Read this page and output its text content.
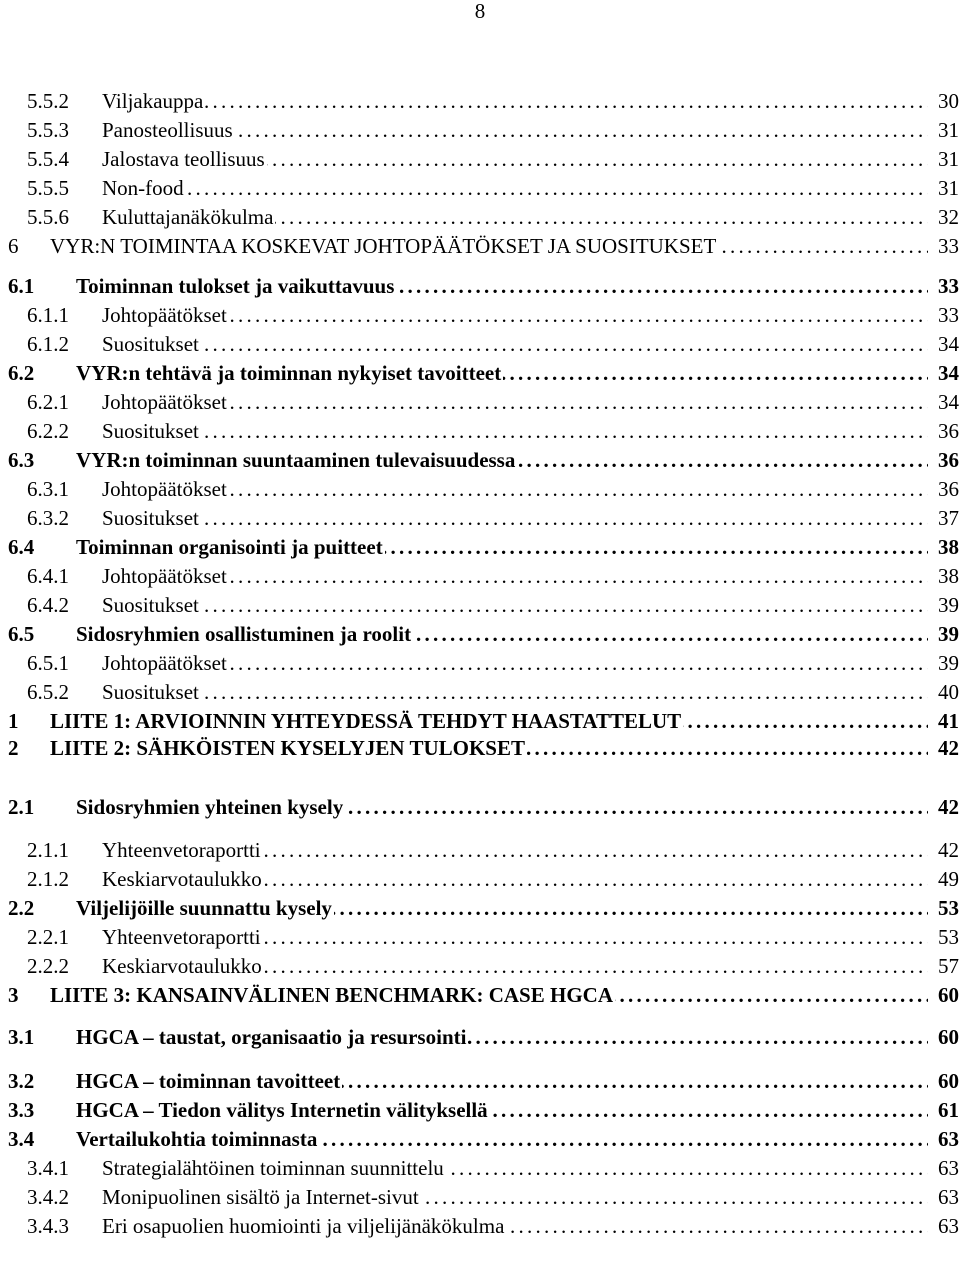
8
5.5.2 Viljakauppa . . .	30
5.5.3 Panosteollisuus . . .	31
5.5.4 Jalostava teollisuus . . .	31
5.5.5 Non-food . . .	31
5.5.6 Kuluttajanäkökulma . . .	32
6 VYR:N TOIMINTAA KOSKEVAT JOHTOPÄÄTÖKSET JA SUOSITUKSET . . .	33
6.1 Toiminnan tulokset ja vaikuttavuus . . .	33
6.1.1 Johtopäätökset . . .	33
6.1.2 Suositukset . . .	34
6.2 VYR:n tehtävä ja toiminnan nykyiset tavoitteet . . .	34
6.2.1 Johtopäätökset . . .	34
6.2.2 Suositukset . . .	36
6.3 VYR:n toiminnan suuntaaminen tulevaisuudessa . . .	36
6.3.1 Johtopäätökset . . .	36
6.3.2 Suositukset . . .	37
6.4 Toiminnan organisointi ja puitteet . . .	38
6.4.1 Johtopäätökset . . .	38
6.4.2 Suositukset . . .	39
6.5 Sidosryhmien osallistuminen ja roolit . . .	39
6.5.1 Johtopäätökset . . .	39
6.5.2 Suositukset . . .	40
1 LIITE 1: ARVIOINNIN YHTEYDESSÄ TEHDYT HAASTATTELUT . . .	41
2 LIITE 2: SÄHKÖISTEN KYSELYJEN TULOKSET . . .	42
2.1 Sidosryhmien yhteinen kysely . . .	42
2.1.1 Yhteenvetoraportti . . .	42
2.1.2 Keskiarvotaulukko . . .	49
2.2 Viljelijöille suunnattu kysely . . .	53
2.2.1 Yhteenvetoraportti . . .	53
2.2.2 Keskiarvotaulukko . . .	57
3 LIITE 3: KANSAINVÄLINEN BENCHMARK: CASE HGCA . . .	60
3.1 HGCA – taustat, organisaatio ja resursointi . . .	60
3.2 HGCA – toiminnan tavoitteet . . .	60
3.3 HGCA – Tiedon välitys Internetin välityksellä . . .	61
3.4 Vertailukohtia toiminnasta . . .	63
3.4.1 Strategialähtöinen toiminnan suunnittelu . . .	63
3.4.2 Monipuolinen sisältö ja Internet-sivut . . .	63
3.4.3 Eri osapuolien huomiointi ja viljelijänäkökulma . . .	63
